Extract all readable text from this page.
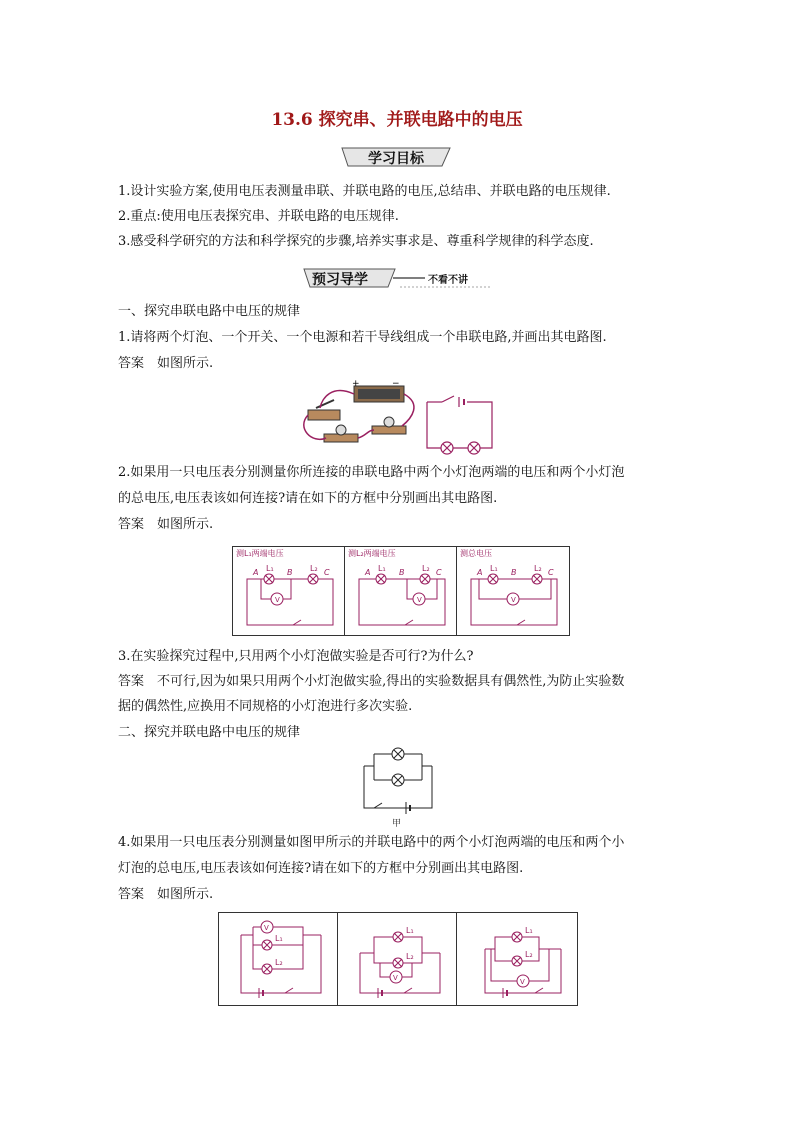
13.6 探究串、并联电路中的电压
学习目标
1.设计实验方案,使用电压表测量串联、并联电路的电压,总结串、并联电路的电压规律.
2.重点:使用电压表探究串、并联电路的电压规律.
3.感受科学研究的方法和科学探究的步骤,培养实事求是、尊重科学规律的科学态度.
预习导学	不看不讲
一、探究串联电路中电压的规律
1.请将两个灯泡、一个开关、一个电源和若干导线组成一个串联电路,并画出其电路图.
答案　如图所示.
+	−
2.如果用一只电压表分别测量你所连接的串联电路中两个小灯泡两端的电压和两个小灯泡
的总电压,电压表该如何连接?请在如下的方框中分别画出其电路图.
答案　如图所示.
测L₁两端电压
V
A L₁ B L₂ C
测L₂两端电压
V
A L₁ B L₂ C
测总电压
V
A L₁ B L₂ C
3.在实验探究过程中,只用两个小灯泡做实验是否可行?为什么?
答案　不可行,因为如果只用两个小灯泡做实验,得出的实验数据具有偶然性,为防止实验数
据的偶然性,应换用不同规格的小灯泡进行多次实验.
二、探究并联电路中电压的规律
甲
4.如果用一只电压表分别测量如图甲所示的并联电路中的两个小灯泡两端的电压和两个小
灯泡的总电压,电压表该如何连接?请在如下的方框中分别画出其电路图.
答案　如图所示.
V
L₁
L₂
V
L₁
L₂
V
L₁
L₂
